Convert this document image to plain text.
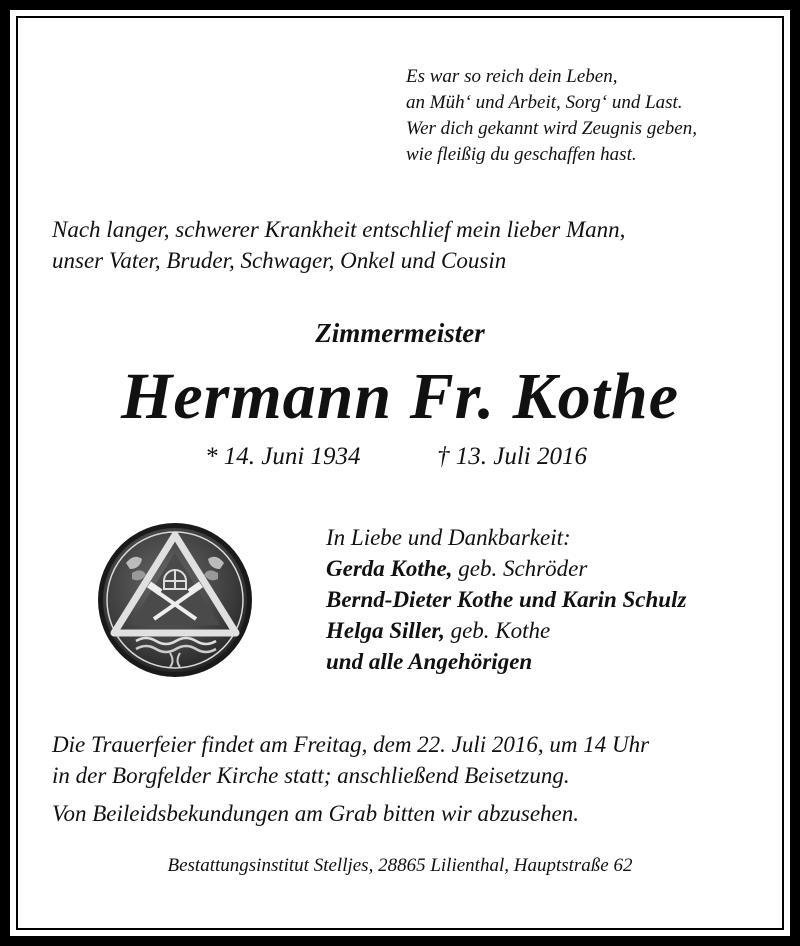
Es war so reich dein Leben,
an Müh‘ und Arbeit, Sorg‘ und Last.
Wer dich gekannt wird Zeugnis geben,
wie fleißig du geschaffen hast.
Nach langer, schwerer Krankheit entschlief mein lieber Mann,
unser Vater, Bruder, Schwager, Onkel und Cousin
Zimmermeister
Hermann Fr. Kothe
* 14. Juni 1934	† 13. Juli 2016
In Liebe und Dankbarkeit:
Gerda Kothe, geb. Schröder
Bernd-Dieter Kothe und Karin Schulz
Helga Siller, geb. Kothe
und alle Angehörigen
Die Trauerfeier findet am Freitag, dem 22. Juli 2016, um 14 Uhr
in der Borgfelder Kirche statt; anschließend Beisetzung.
Von Beileidsbekundungen am Grab bitten wir abzusehen.
Bestattungsinstitut Stelljes, 28865 Lilienthal, Hauptstraße 62
